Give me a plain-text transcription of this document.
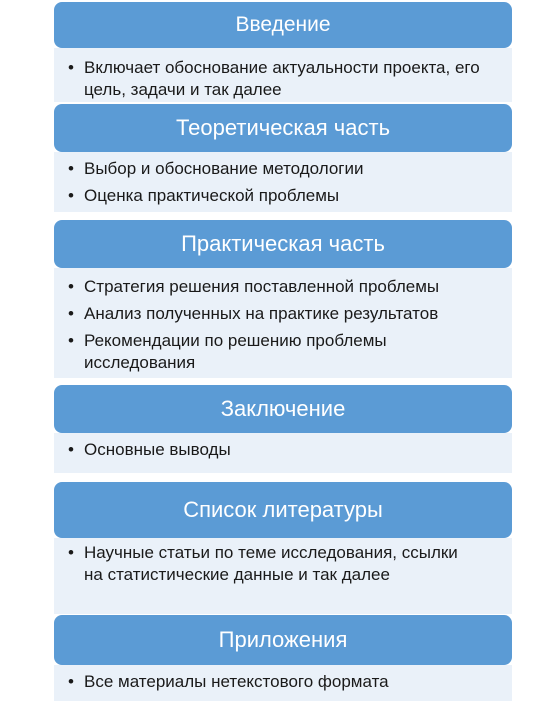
Введение
• Включает обоснование актуальности проекта, его цель, задачи и так далее
Теоретическая часть
• Выбор и обоснование методологии
• Оценка практической проблемы
Практическая часть
• Стратегия решения поставленной проблемы
• Анализ полученных на практике результатов
• Рекомендации по решению проблемы исследования
Заключение
• Основные выводы
Список литературы
• Научные статьи по теме исследования, ссылки на статистические данные и так далее
Приложения
• Все материалы нетекстового формата
